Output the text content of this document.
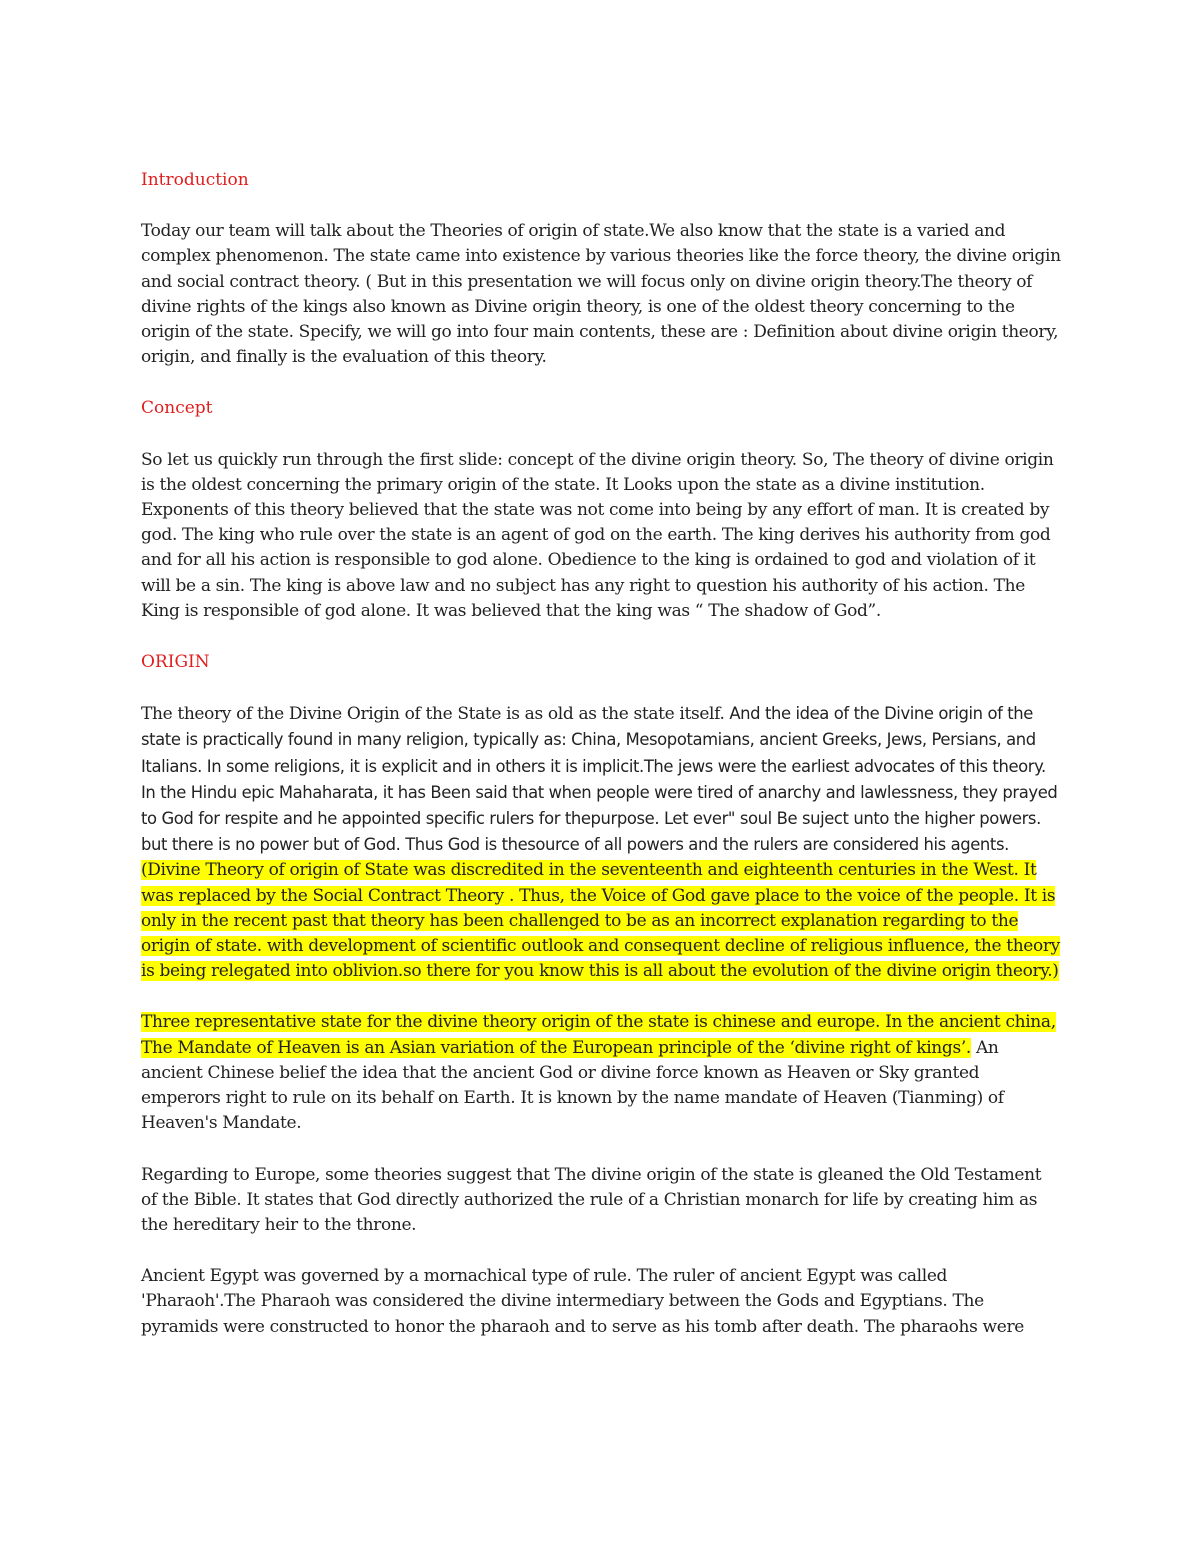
Introduction

Today our team will talk about the Theories of origin of state.We also know that the state is a varied and complex phenomenon. The state came into existence by various theories like the force theory, the divine origin and social contract theory. ( But in this presentation we will focus only on divine origin theory.The theory of divine rights of the kings also known as Divine origin theory, is one of the oldest theory concerning to the origin of the state. Specify, we will go into four main contents, these are : Definition about divine origin theory, origin, and finally is the evaluation of this theory.

Concept

So let us quickly run through the first slide: concept of the divine origin theory. So, The theory of divine origin is the oldest concerning the primary origin of the state. It Looks upon the state as a divine institution. Exponents of this theory believed that the state was not come into being by any effort of man. It is created by god. The king who rule over the state is an agent of god on the earth. The king derives his authority from god and for all his action is responsible to god alone. Obedience to the king is ordained to god and violation of it will be a sin. The king is above law and no subject has any right to question his authority of his action. The King is responsible of god alone. It was believed that the king was “ The shadow of God”.

ORIGIN

The theory of the Divine Origin of the State is as old as the state itself. And the idea of the Divine origin of the state is practically found in many religion, typically as: China, Mesopotamians, ancient Greeks, Jews, Persians, and Italians. In some religions, it is explicit and in others it is implicit.The jews were the earliest advocates of this theory. In the Hindu epic Mahaharata, it has Been said that when people were tired of anarchy and lawlessness, they prayed to God for respite and he appointed specific rulers for thepurpose. Let ever" soul Be suject unto the higher powers. but there is no power but of God. Thus God is thesource of all powers and the rulers are considered his agents. (Divine Theory of origin of State was discredited in the seventeenth and eighteenth centuries in the West. It was replaced by the Social Contract Theory . Thus, the Voice of God gave place to the voice of the people. It is only in the recent past that theory has been challenged to be as an incorrect explanation regarding to the origin of state. with development of scientific outlook and consequent decline of religious influence, the theory is being relegated into oblivion.so there for you know this is all about the evolution of the divine origin theory.)

Three representative state for the divine theory origin of the state is chinese and europe. In the ancient china, The Mandate of Heaven is an Asian variation of the European principle of the ‘divine right of kings’. An ancient Chinese belief the idea that the ancient God or divine force known as Heaven or Sky granted emperors right to rule on its behalf on Earth. It is known by the name mandate of Heaven (Tianming) of Heaven's Mandate.

Regarding to Europe, some theories suggest that The divine origin of the state is gleaned the Old Testament of the Bible. It states that God directly authorized the rule of a Christian monarch for life by creating him as the hereditary heir to the throne.

Ancient Egypt was governed by a mornachical type of rule. The ruler of ancient Egypt was called 'Pharaoh'.The Pharaoh was considered the divine intermediary between the Gods and Egyptians. The pyramids were constructed to honor the pharaoh and to serve as his tomb after death. The pharaohs were
